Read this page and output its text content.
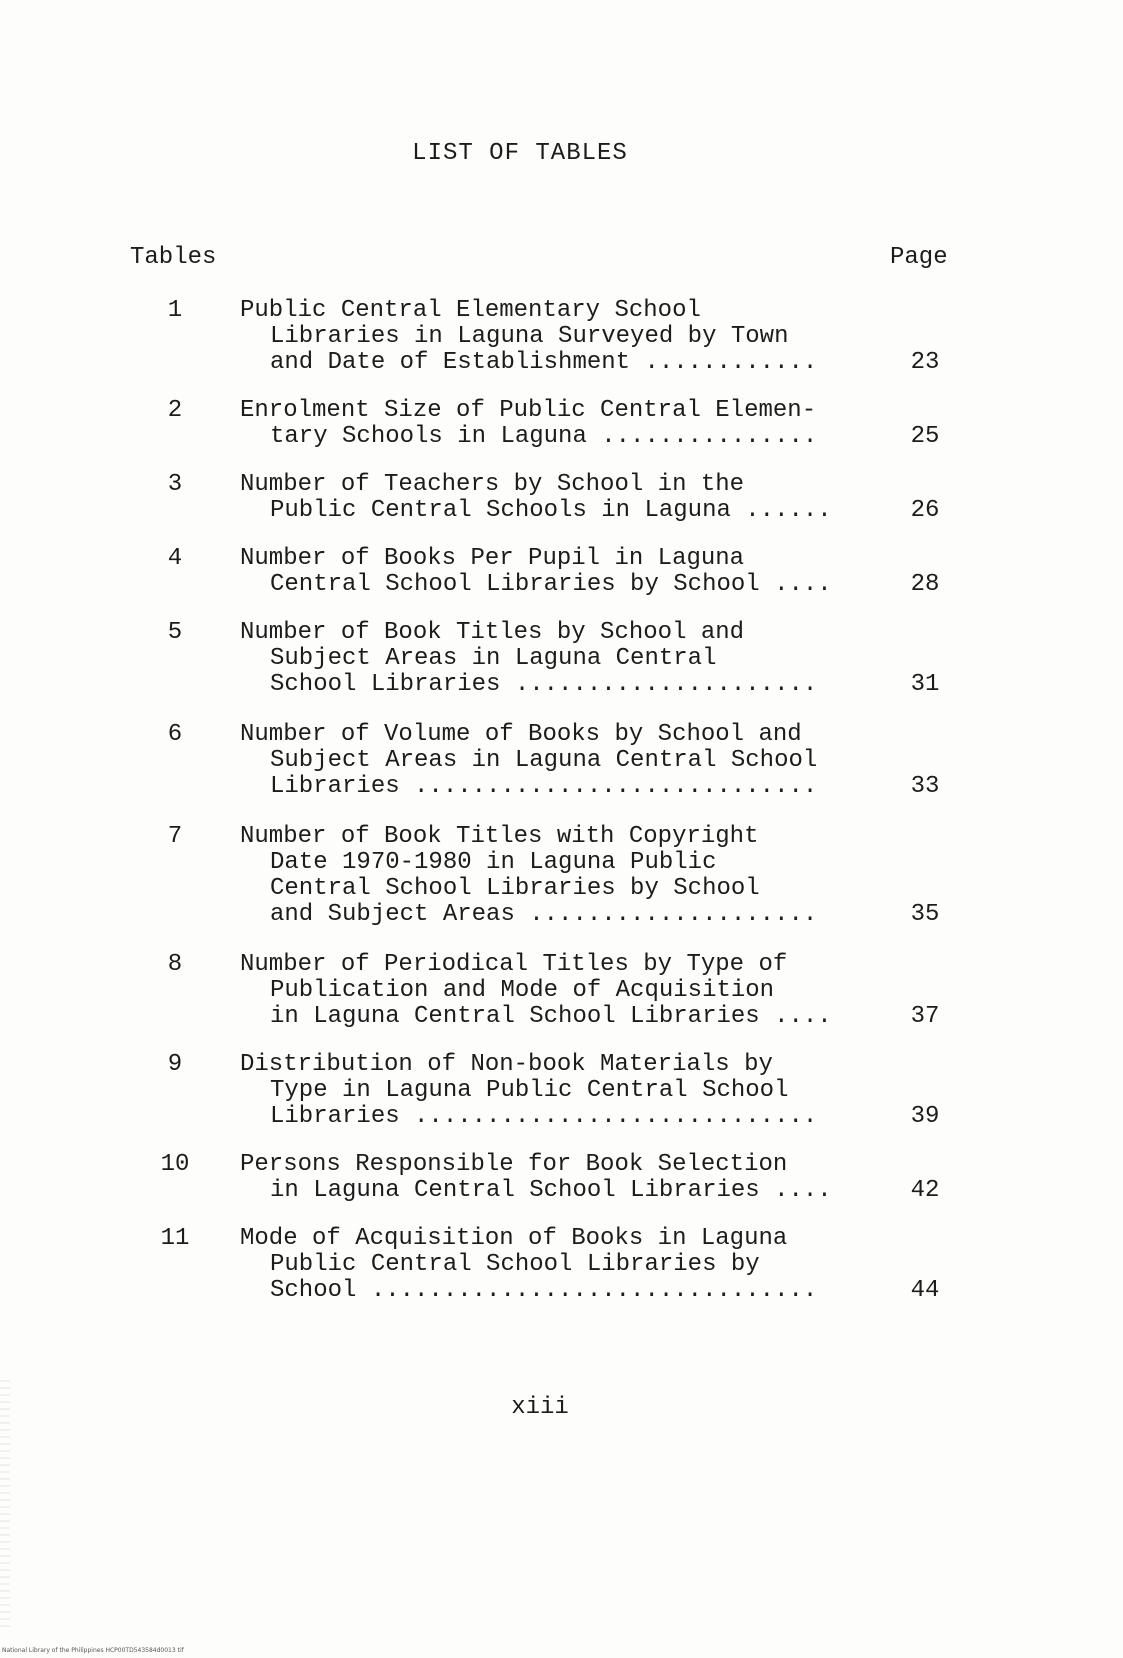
LIST OF TABLES
Tables	Page
1	Public Central Elementary School
Libraries in Laguna Surveyed by Town
and Date of Establishment ............	23
2	Enrolment Size of Public Central Elemen-
tary Schools in Laguna ...............	25
3	Number of Teachers by School in the
Public Central Schools in Laguna ......	26
4	Number of Books Per Pupil in Laguna
Central School Libraries by School ....	28
5	Number of Book Titles by School and
Subject Areas in Laguna Central
School Libraries .....................	31
6	Number of Volume of Books by School and
Subject Areas in Laguna Central School
Libraries ............................	33
7	Number of Book Titles with Copyright
Date 1970-1980 in Laguna Public
Central School Libraries by School
and Subject Areas ....................	35
8	Number of Periodical Titles by Type of
Publication and Mode of Acquisition
in Laguna Central School Libraries ....	37
9	Distribution of Non-book Materials by
Type in Laguna Public Central School
Libraries ............................	39
10	Persons Responsible for Book Selection
in Laguna Central School Libraries ....	42
11	Mode of Acquisition of Books in Laguna
Public Central School Libraries by
School ...............................	44
xiii
National Library of the Philippines HCP00TD543584d0013 tif
